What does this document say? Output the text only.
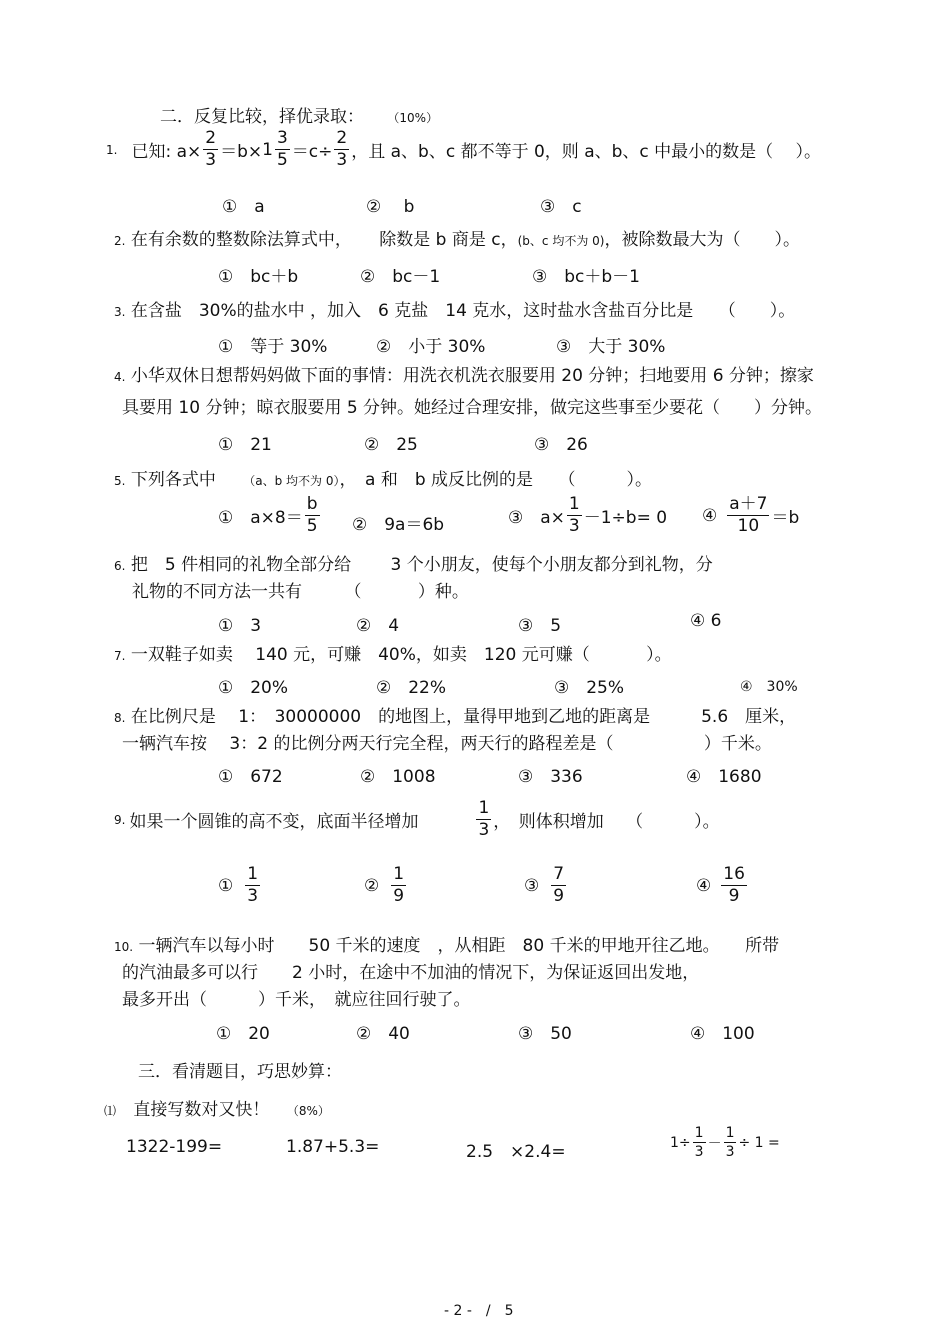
二．反复比较，择优录取： （10%）
1. 已知: $a\times \frac{2}{3} =b\times 1 \frac{3}{5} =c\div \frac{2}{3}$ ，且 a、b、c 都不等于 0，则 a、b、c 中最小的数是（　 ）。
①　a	②　 b	③　c
2. 在有余数的整数除法算式中， 除数是 b 商是 c，(b、c 均不为 0)，被除数最大为（　　）。
①　bc＋b	②　bc－1	③　bc＋b－1
3. 在含盐　30%的盐水中 ，加入　6 克盐　14 克水，这时盐水含盐百分比是　　（　　）。
①　等于 30%	②　小于 30%	③　大于 30%
4. 小华双休日想帮妈妈做下面的事情：用洗衣机洗衣服要用 20 分钟；扫地要用 6 分钟；擦家
具要用 10 分钟；晾衣服要用 5 分钟。她经过合理安排，做完这些事至少要花（　　）分钟。
①　21	②　25	③　26
5. 下列各式中 （a、b 均不为 0），　a 和　b 成反比例的是　　（　　　）。
①　$a\times 8= \frac{b}{5}$ ②　9a＝6b	③　$a\times \frac{1}{3} -1\div b= 0$ ④ $\frac{a+7}{10} =b$
6. 把　5 件相同的礼物全部分给　　 3 个小朋友，使每个小朋友都分到礼物，分
礼物的不同方法一共有　　　（　　　 ）种。
①　3	②　4	③　5	④ 6
7. 一双鞋子如卖　 140 元，可赚　40%，如卖　120 元可赚（　　　 ）。
①　20%	②　22%	③　25%	④　30%
8. 在比例尺是　 1：　30000000　的地图上，量得甲地到乙地的距离是　　　5.6　厘米，
一辆汽车按　 3：2 的比例分两天行完全程，两天行的路程差是（　　　　　 ）千米。
①　672	②　1008	③　336	④　1680
9. 如果一个圆锥的高不变，底面半径增加	$\frac{1}{3}$ ，　则体积增加　 （　　　）。
① $\frac{1}{3}$	② $\frac{1}{9}$	③ $\frac{7}{9}$	④ $\frac{16}{9}$
10. 一辆汽车以每小时　　50 千米的速度　，从相距　80 千米的甲地开往乙地。　　所带
的汽油最多可以行　　2 小时，在途中不加油的情况下，为保证返回出发地，
最多开出（　　　）千米，　就应往回行驶了。
①　20	②　40	③　50	④　100
三．看清题目，巧思妙算：
⑴ 直接写数对又快！ （8%）
1322-199=	1.87+5.3=	2.5　×2.4=	$1\div \frac{1}{3} - \frac{1}{3} \div 1$ =
- 2 -　/　5
